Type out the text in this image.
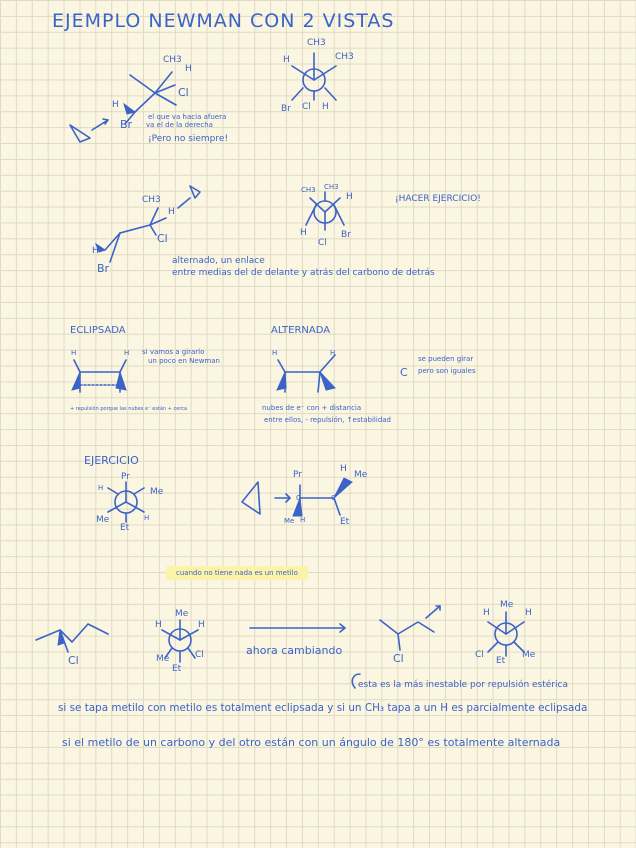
EJEMPLO NEWMAN CON 2 VISTAS
CH3
H
Cl
H
Br
el que va hacia afuera
va el de la derecha
¡Pero no siempre!
CH3
H	CH3
Br Cl H
CH3
H
Cl
H
Br
¡HACER EJERCICIO!
CH3 CH3
H
H
Cl
Br
alternado, un enlace
entre medias del de delante y atrás del carbono de detrás
ECLIPSADA	ALTERNADA
si vamos a girarlo
un poco en Newman
+ repulsión porque las nubes e⁻ están + cerca	nubes de e⁻ con + distancia
entre ellos, - repulsión, ↑estabilidad
C
se pueden girar
pero son iguales
H	H	H	H
EJERCICIO
Pr
H	Me
Me	H
Et
Pr
H
Me
C	C
H
Me	Et
cuando no tiene nada es un metilo
Cl
Me
H	H
Me	Cl
Et
ahora cambiando
Cl
Me
H	H
Cl
Et
Me
esta es la más inestable por repulsión estérica
si se tapa metilo con metilo es totalment eclipsada y si un CH₃ tapa a un H es parcialmente eclipsada
si el metilo de un carbono y del otro están con un ángulo de 180° es totalmente alternada
